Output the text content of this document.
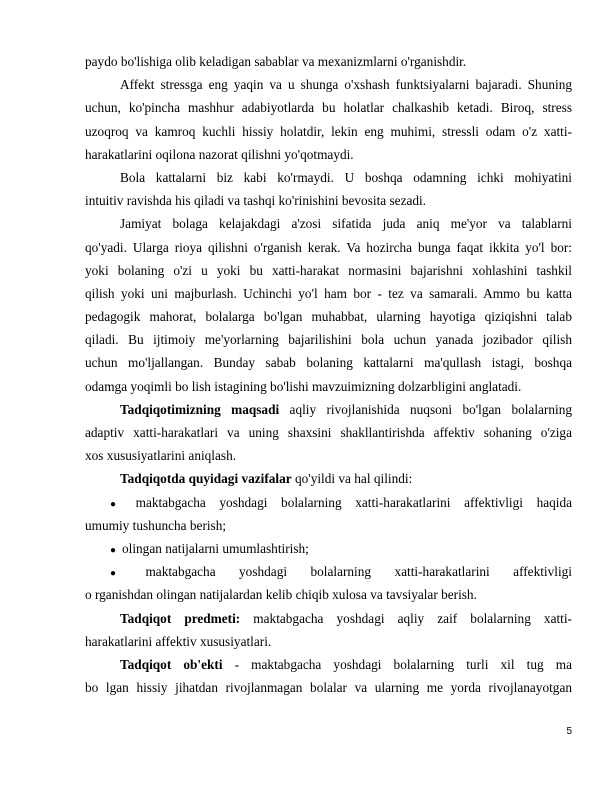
paydo bo'lishiga olib keladigan sabablar va mexanizmlarni o'rganishdir.
Affekt stressga eng yaqin va u shunga o'xshash funktsiyalarni bajaradi. Shuning
uchun, ko'pincha mashhur adabiyotlarda bu holatlar chalkashib ketadi. Biroq, stress
uzoqroq va kamroq kuchli hissiy holatdir, lekin eng muhimi, stressli odam o'z xatti-
harakatlarini oqilona nazorat qilishni yo'qotmaydi.
Bola kattalarni biz kabi ko'rmaydi. U boshqa odamning ichki mohiyatini
intuitiv ravishda his qiladi va tashqi ko'rinishini bevosita sezadi.
Jamiyat bolaga kelajakdagi a'zosi sifatida juda aniq me'yor va talablarni
qo'yadi. Ularga rioya qilishni o'rganish kerak. Va hozircha bunga faqat ikkita yo'l bor:
yoki bolaning o'zi u yoki bu xatti-harakat normasini bajarishni xohlashini tashkil
qilish yoki uni majburlash. Uchinchi yo'l ham bor - tez va samarali. Ammo bu katta
pedagogik mahorat, bolalarga bo'lgan muhabbat, ularning hayotiga qiziqishni talab
qiladi. Bu ijtimoiy me'yorlarning bajarilishini bola uchun yanada jozibador qilish
uchun mo'ljallangan. Bunday sabab bolaning kattalarni ma'qullash istagi, boshqa
odamga yoqimli bo lish istagining bo'lishi mavzuimizning dolzarbligini anglatadi.
Tadqiqotimizning maqsadi aqliy rivojlanishida nuqsoni bo'lgan bolalarning
adaptiv xatti-harakatlari va uning shaxsini shakllantirishda affektiv sohaning o'ziga
xos xususiyatlarini aniqlash.
Tadqiqotda quyidagi vazifalar qo'yildi va hal qilindi:
● maktabgacha yoshdagi bolalarning xatti-harakatlarini affektivligi haqida
umumiy tushuncha berish;
● olingan natijalarni umumlashtirish;
● maktabgacha yoshdagi bolalarning xatti-harakatlarini affektivligi
o rganishdan olingan natijalardan kelib chiqib xulosa va tavsiyalar berish.
Tadqiqot predmeti: maktabgacha yoshdagi aqliy zaif bolalarning xatti-
harakatlarini affektiv xususiyatlari.
Tadqiqot ob'ekti - maktabgacha yoshdagi bolalarning turli xil tug ma
bo lgan hissiy jihatdan rivojlanmagan bolalar va ularning me yorda rivojlanayotgan
5
